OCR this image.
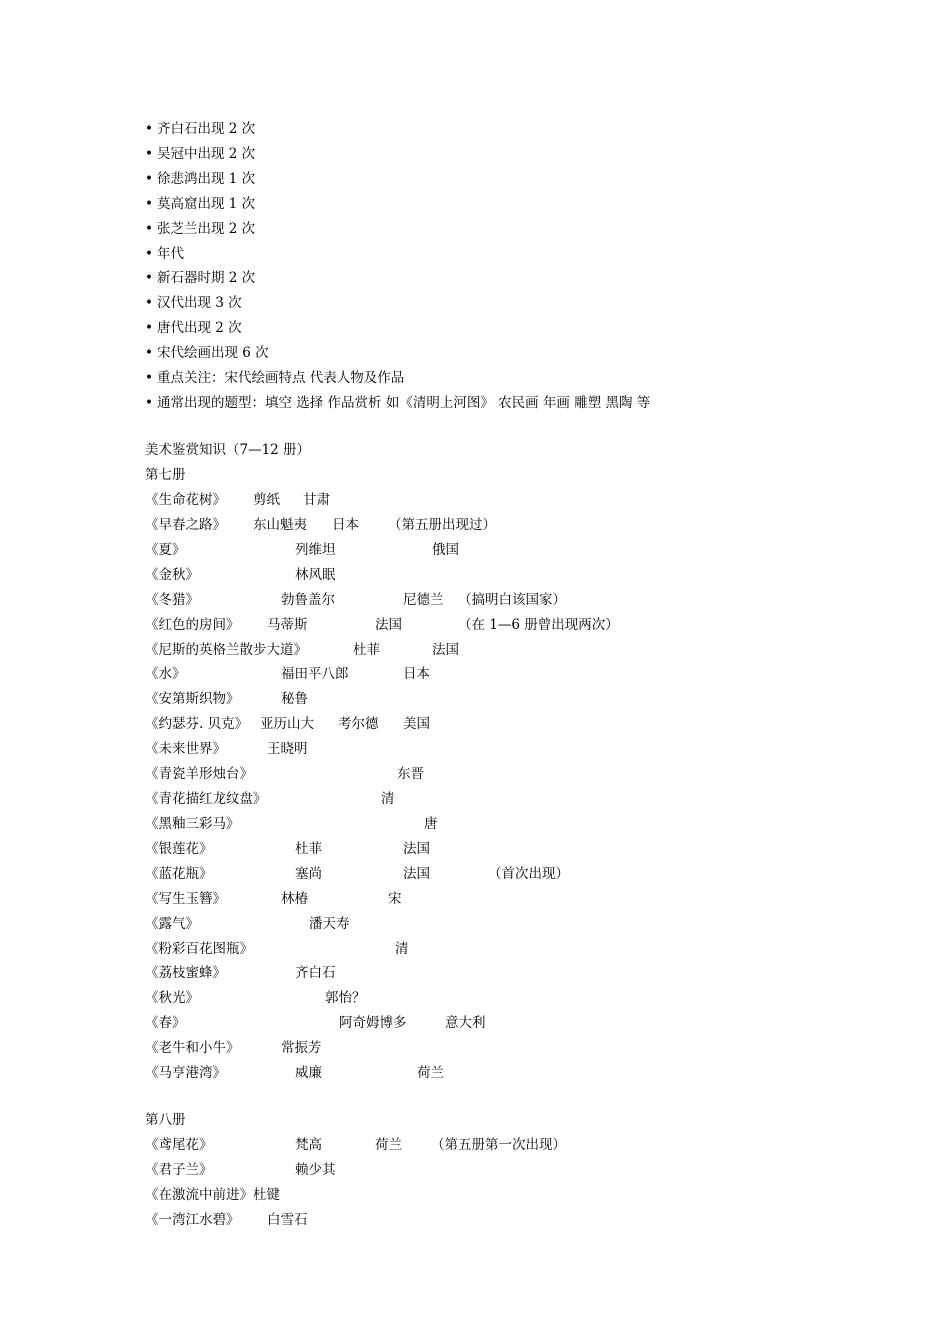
• 齐白石出现 2 次
• 吴冠中出现 2 次
• 徐悲鸿出现 1 次
• 莫高窟出现 1 次
• 张芝兰出现 2 次
• 年代
• 新石器时期 2 次
• 汉代出现 3 次
• 唐代出现 2 次
• 宋代绘画出现 6 次
• 重点关注：宋代绘画特点 代表人物及作品
• 通常出现的题型：填空 选择 作品赏析 如《清明上河图》 农民画 年画 雕塑 黑陶 等
美术鉴赏知识（7—12 册）
第七册
《生命花树》 剪纸 甘肃
《早春之路》 东山魁夷 日本 （第五册出现过）
《夏》	列维坦	俄国
《金秋》	林风眠
《冬猎》	勃鲁盖尔	尼德兰 （搞明白该国家）
《红色的房间》 马蒂斯	法国	（在 1—6 册曾出现两次）
《尼斯的英格兰散步大道》	杜菲	法国
《水》	福田平八郎	日本
《安第斯织物》	秘鲁
《约瑟芬. 贝克》 亚历山大 考尔德 美国
《未来世界》	王晓明
《青瓷羊形烛台》	东晋
《青花描红龙纹盘》	清
《黑釉三彩马》	唐
《银莲花》	杜菲	法国
《蓝花瓶》	塞尚	法国	（首次出现）
《写生玉簪》	林椿	宋
《露气》	潘天寿
《粉彩百花图瓶》	清
《荔枝蜜蜂》	齐白石
《秋光》	郭怡？
《春》	阿奇姆博多	意大利
《老牛和小牛》	常振芳
《马亨港湾》	威廉	荷兰
第八册
《鸢尾花》	梵高	荷兰 （第五册第一次出现）
《君子兰》	赖少其
《在激流中前进》杜键
《一湾江水碧》 白雪石
